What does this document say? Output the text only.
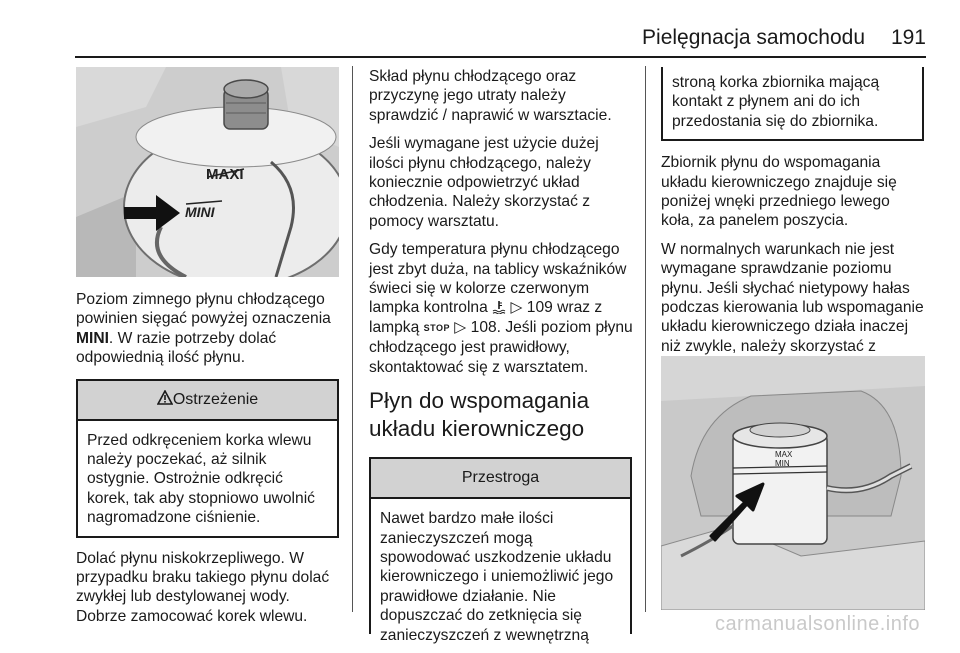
Pielęgnacja samochodu 191
MAXI
MINI

Poziom zimnego płynu chłodzącego powinien sięgać powyżej oznaczenia MINI. W razie potrzeby dolać odpowiednią ilość płynu.

Ostrzeżenie
Przed odkręceniem korka wlewu należy poczekać, aż silnik ostygnie. Ostrożnie odkręcić korek, tak aby stopniowo uwolnić nagromadzone ciśnienie.

Dolać płynu niskokrzepliwego. W przypadku braku takiego płynu dolać zwykłej lub destylowanej wody. Dobrze zamocować korek wlewu.

Skład płynu chłodzącego oraz przyczynę jego utraty należy sprawdzić / naprawić w warsztacie.

Jeśli wymagane jest użycie dużej ilości płynu chłodzącego, należy koniecznie odpowietrzyć układ chłodzenia. Należy skorzystać z pomocy warsztatu.

Gdy temperatura płynu chłodzącego jest zbyt duża, na tablicy wskaźników świeci się w kolorze czerwonym lampka kontrolna  ▷ 109 wraz z lampką STOP ▷ 108. Jeśli poziom płynu chłodzącego jest prawidłowy, skontaktować się z warsztatem.

Płyn do wspomagania układu kierowniczego
Przestroga
Nawet bardzo małe ilości zanieczyszczeń mogą spowodować uszkodzenie układu kierowniczego i uniemożliwić jego prawidłowe działanie. Nie dopuszczać do zetknięcia się zanieczyszczeń z wewnętrzną
stroną korka zbiornika mającą kontakt z płynem ani do ich przedostania się do zbiornika.

Zbiornik płynu do wspomagania układu kierowniczego znajduje się poniżej wnęki przedniego lewego koła, za panelem poszycia.

W normalnych warunkach nie jest wymagane sprawdzanie poziomu płynu. Jeśli słychać nietypowy hałas podczas kierowania lub wspomaganie układu kierowniczego działa inaczej niż zwykle, należy skorzystać z

MAX
MIN
carmanualsonline.info
